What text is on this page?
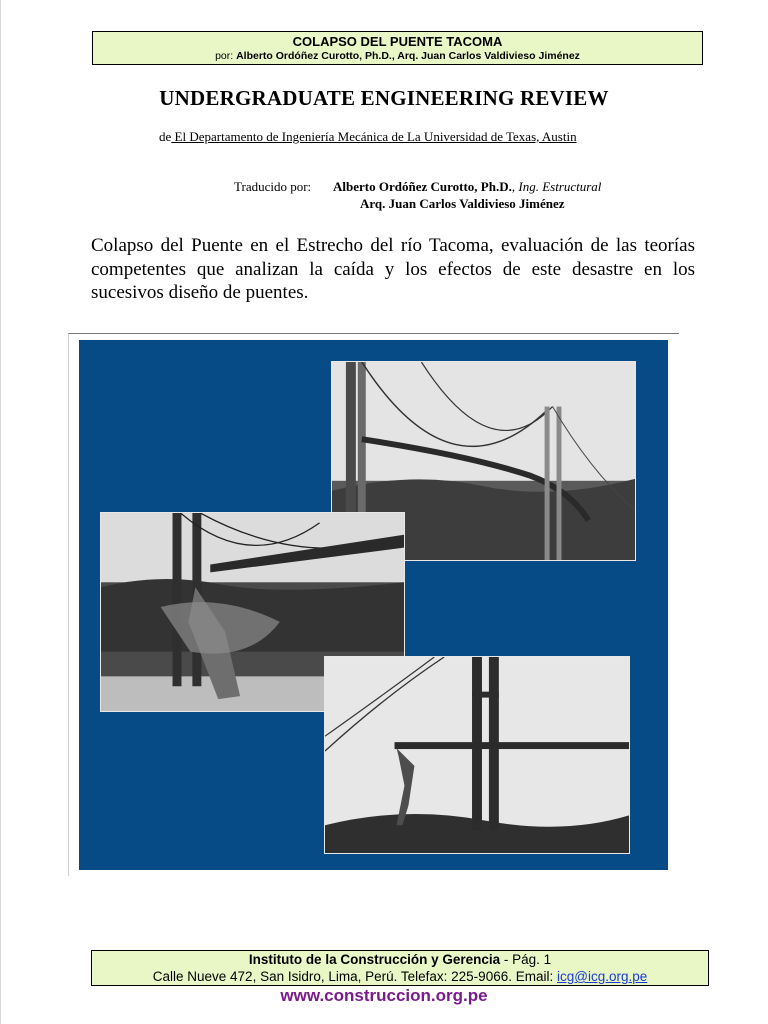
COLAPSO DEL PUENTE TACOMA
por: Alberto Ordóñez Curotto, Ph.D., Arq. Juan Carlos Valdivieso Jiménez
UNDERGRADUATE ENGINEERING REVIEW
de El Departamento de Ingeniería Mecánica de La Universidad de Texas, Austin
Traducido por: Alberto Ordóñez Curotto, Ph.D., Ing. Estructural
Arq. Juan Carlos Valdivieso Jiménez
Colapso del Puente en el Estrecho del río Tacoma, evaluación de las teorías competentes que analizan la caída y los efectos de este desastre en los sucesivos diseño de puentes.
Instituto de la Construcción y Gerencia - Pág. 1
Calle Nueve 472, San Isidro, Lima, Perú. Telefax: 225-9066. Email: icg@icg.org.pe
www.construccion.org.pe
